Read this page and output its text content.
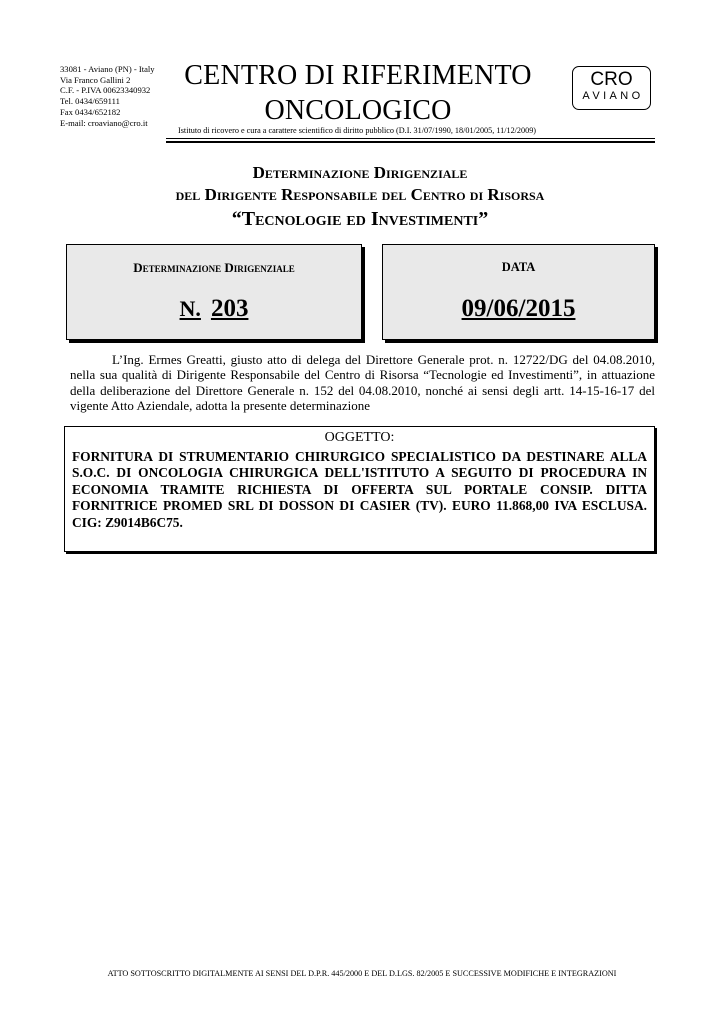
33081 - Aviano (PN) - Italy
Via Franco Gallini 2
C.F. - P.IVA 00623340932
Tel. 0434/659111
Fax 0434/652182
E-mail: croaviano@cro.it
CENTRO DI RIFERIMENTO
ONCOLOGICO
Istituto di ricovero e cura a carattere scientifico di diritto pubblico (D.I. 31/07/1990, 18/01/2005, 11/12/2009)
CRO
AVIANO
Determinazione Dirigenziale
del Dirigente Responsabile del Centro di Risorsa
“Tecnologie ed Investimenti”
Determinazione Dirigenziale
N. 203
DATA
09/06/2015
L’Ing. Ermes Greatti, giusto atto di delega del Direttore Generale prot. n. 12722/DG del 04.08.2010, nella sua qualità di Dirigente Responsabile del Centro di Risorsa “Tecnologie ed Investimenti”, in attuazione della deliberazione del Direttore Generale n. 152 del 04.08.2010, nonché ai sensi degli artt. 14-15-16-17 del vigente Atto Aziendale, adotta la presente determinazione
OGGETTO:
FORNITURA DI STRUMENTARIO CHIRURGICO SPECIALISTICO DA DESTINARE ALLA S.O.C. DI ONCOLOGIA CHIRURGICA DELL'ISTITUTO A SEGUITO DI PROCEDURA IN ECONOMIA TRAMITE RICHIESTA DI OFFERTA SUL PORTALE CONSIP. DITTA FORNITRICE PROMED SRL DI DOSSON DI CASIER (TV). EURO 11.868,00 IVA ESCLUSA. CIG: Z9014B6C75.
ATTO SOTTOSCRITTO DIGITALMENTE AI SENSI DEL D.P.R. 445/2000 E DEL D.LGS. 82/2005 E SUCCESSIVE MODIFICHE E INTEGRAZIONI
